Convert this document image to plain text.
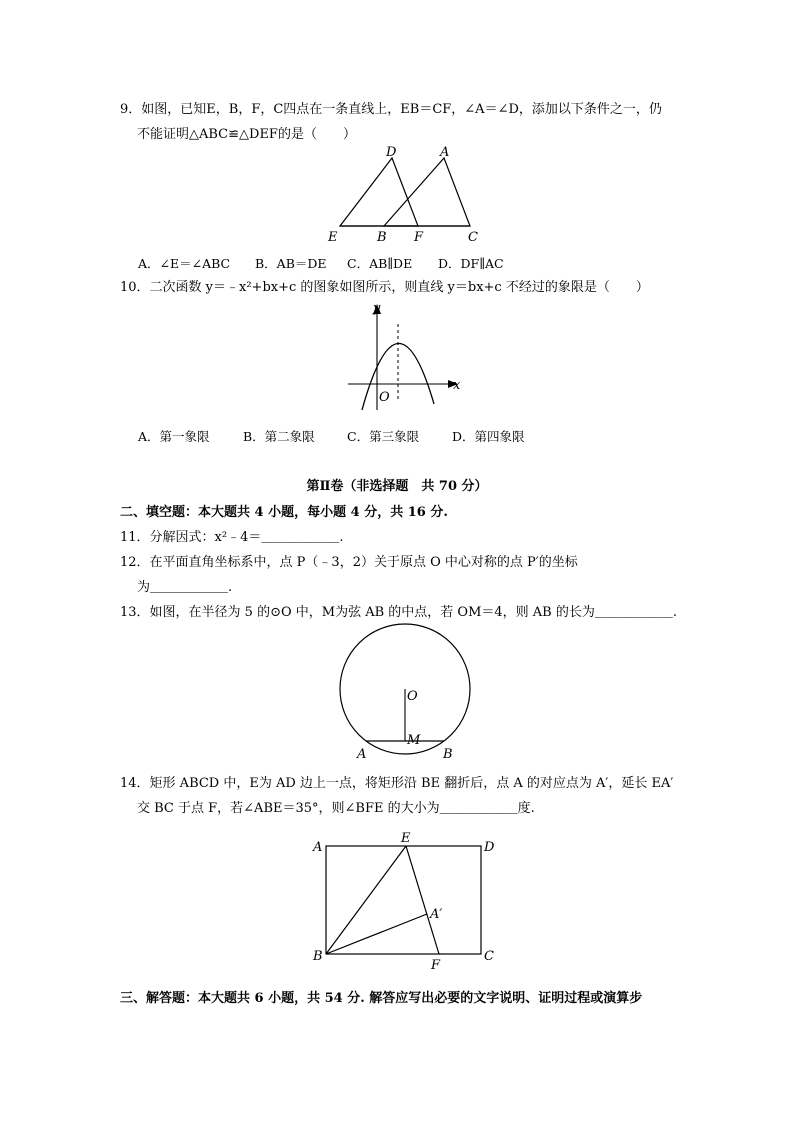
9．如图，已知E，B，F，C四点在一条直线上，EB＝CF，∠A＝∠D，添加以下条件之一，仍
不能证明△ABC≌△DEF的是（　　）
D	A
E	B F	C
A．∠E＝∠ABC B．AB＝DE C．AB∥DE D．DF∥AC
10．二次函数 y＝﹣x²+bx+c 的图象如图所示，则直线 y＝bx+c 不经过的象限是（　　）
y
x
O
A．第一象限	B．第二象限	C．第三象限	D．第四象限
第Ⅱ卷（非选择题　共 70 分）
二、填空题：本大题共 4 小题，每小题 4 分，共 16 分.
11．分解因式：x²﹣4＝＿＿＿＿＿＿.
12．在平面直角坐标系中，点 P（﹣3，2）关于原点 O 中心对称的点 P′的坐标
为＿＿＿＿＿＿.
13．如图，在半径为 5 的⊙O 中，M为弦 AB 的中点，若 OM＝4，则 AB 的长为＿＿＿＿＿＿.
O
M
A	B
14．矩形 ABCD 中，E为 AD 边上一点，将矩形沿 BE 翻折后，点 A 的对应点为 A′，延长 EA′
交 BC 于点 F，若∠ABE＝35°，则∠BFE 的大小为＿＿＿＿＿＿度.
A
E
D
A′
B
F
C
三、解答题：本大题共 6 小题，共 54 分. 解答应写出必要的文字说明、证明过程或演算步
